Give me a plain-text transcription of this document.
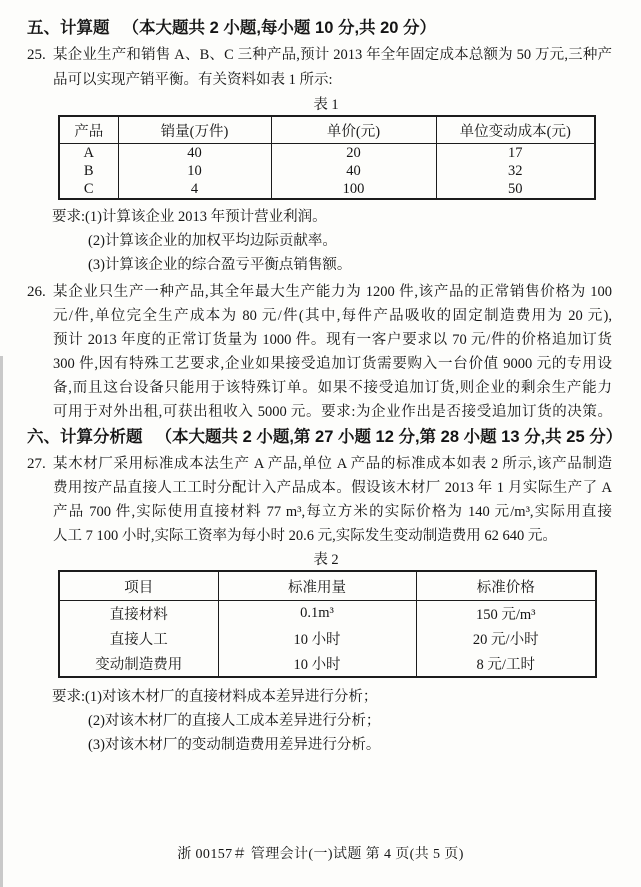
五、计算题 （本大题共 2 小题,每小题 10 分,共 20 分）
25. 某企业生产和销售 A、B、C 三种产品,预计 2013 年全年固定成本总额为 50 万元,三种产
品可以实现产销平衡。有关资料如表 1 所示:
表 1
产品	销量(万件)	单价(元)	单位变动成本(元)
A	40	20	17
B	10	40	32
C	4	100	50
要求:(1)计算该企业 2013 年预计营业利润。
(2)计算该企业的加权平均边际贡献率。
(3)计算该企业的综合盈亏平衡点销售额。
26. 某企业只生产一种产品,其全年最大生产能力为 1200 件,该产品的正常销售价格为 100
元/件,单位完全生产成本为 80 元/件(其中,每件产品吸收的固定制造费用为 20 元),
预计 2013 年度的正常订货量为 1000 件。现有一客户要求以 70 元/件的价格追加订货
300 件,因有特殊工艺要求,企业如果接受追加订货需要购入一台价值 9000 元的专用设
备,而且这台设备只能用于该特殊订单。如果不接受追加订货,则企业的剩余生产能力
可用于对外出租,可获出租收入 5000 元。要求:为企业作出是否接受追加订货的决策。
六、计算分析题 （本大题共 2 小题,第 27 小题 12 分,第 28 小题 13 分,共 25 分）
27. 某木材厂采用标准成本法生产 A 产品,单位 A 产品的标准成本如表 2 所示,该产品制造
费用按产品直接人工工时分配计入产品成本。假设该木材厂 2013 年 1 月实际生产了 A
产品 700 件,实际使用直接材料 77 m³,每立方米的实际价格为 140 元/m³,实际用直接
人工 7 100 小时,实际工资率为每小时 20.6 元,实际发生变动制造费用 62 640 元。
表 2
项目	标准用量	标准价格
直接材料	0.1m³	150 元/m³
直接人工	10 小时	20 元/小时
变动制造费用	10 小时	8 元/工时
要求:(1)对该木材厂的直接材料成本差异进行分析；
(2)对该木材厂的直接人工成本差异进行分析；
(3)对该木材厂的变动制造费用差异进行分析。
浙 00157＃ 管理会计(一)试题 第 4 页(共 5 页)
